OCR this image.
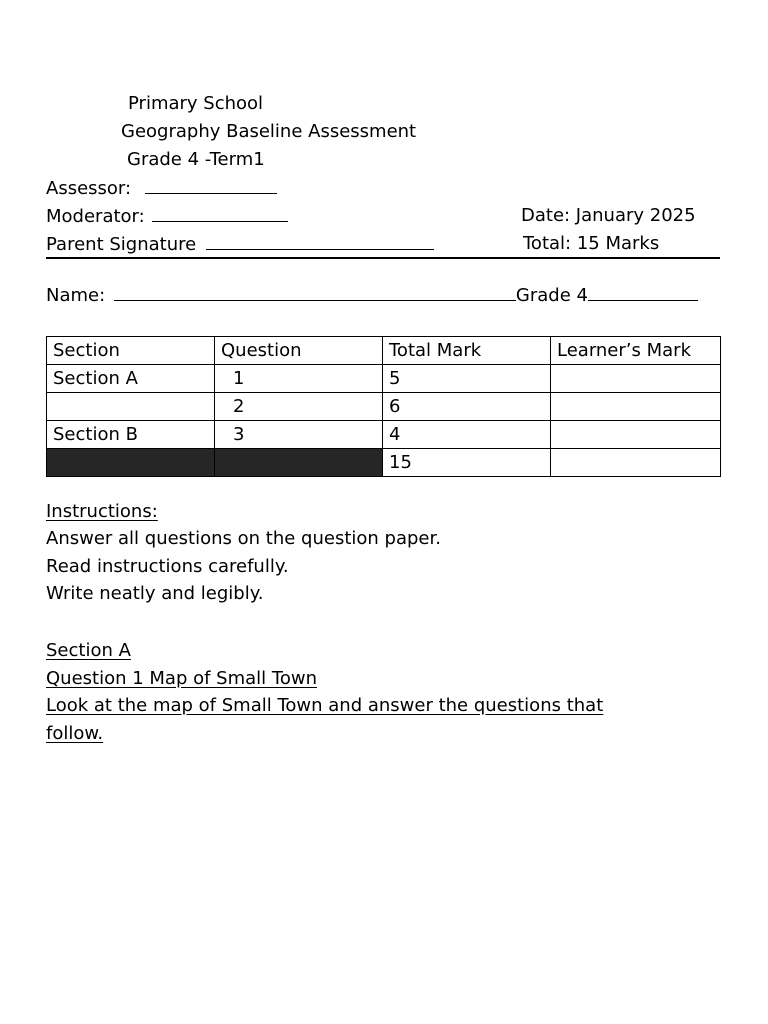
Primary School
Geography Baseline Assessment
Grade 4 -Term1
Assessor:
Moderator:	Date: January 2025
Parent Signature	Total: 15 Marks
Name:	Grade 4
Section	Question	Total Mark	Learner’s Mark
Section A	1	5	
	2	6	
Section B	3	4	
		15	
Instructions:
Answer all questions on the question paper.
Read instructions carefully.
Write neatly and legibly.
Section A
Question 1 Map of Small Town
Look at the map of Small Town and answer the questions that
follow.
